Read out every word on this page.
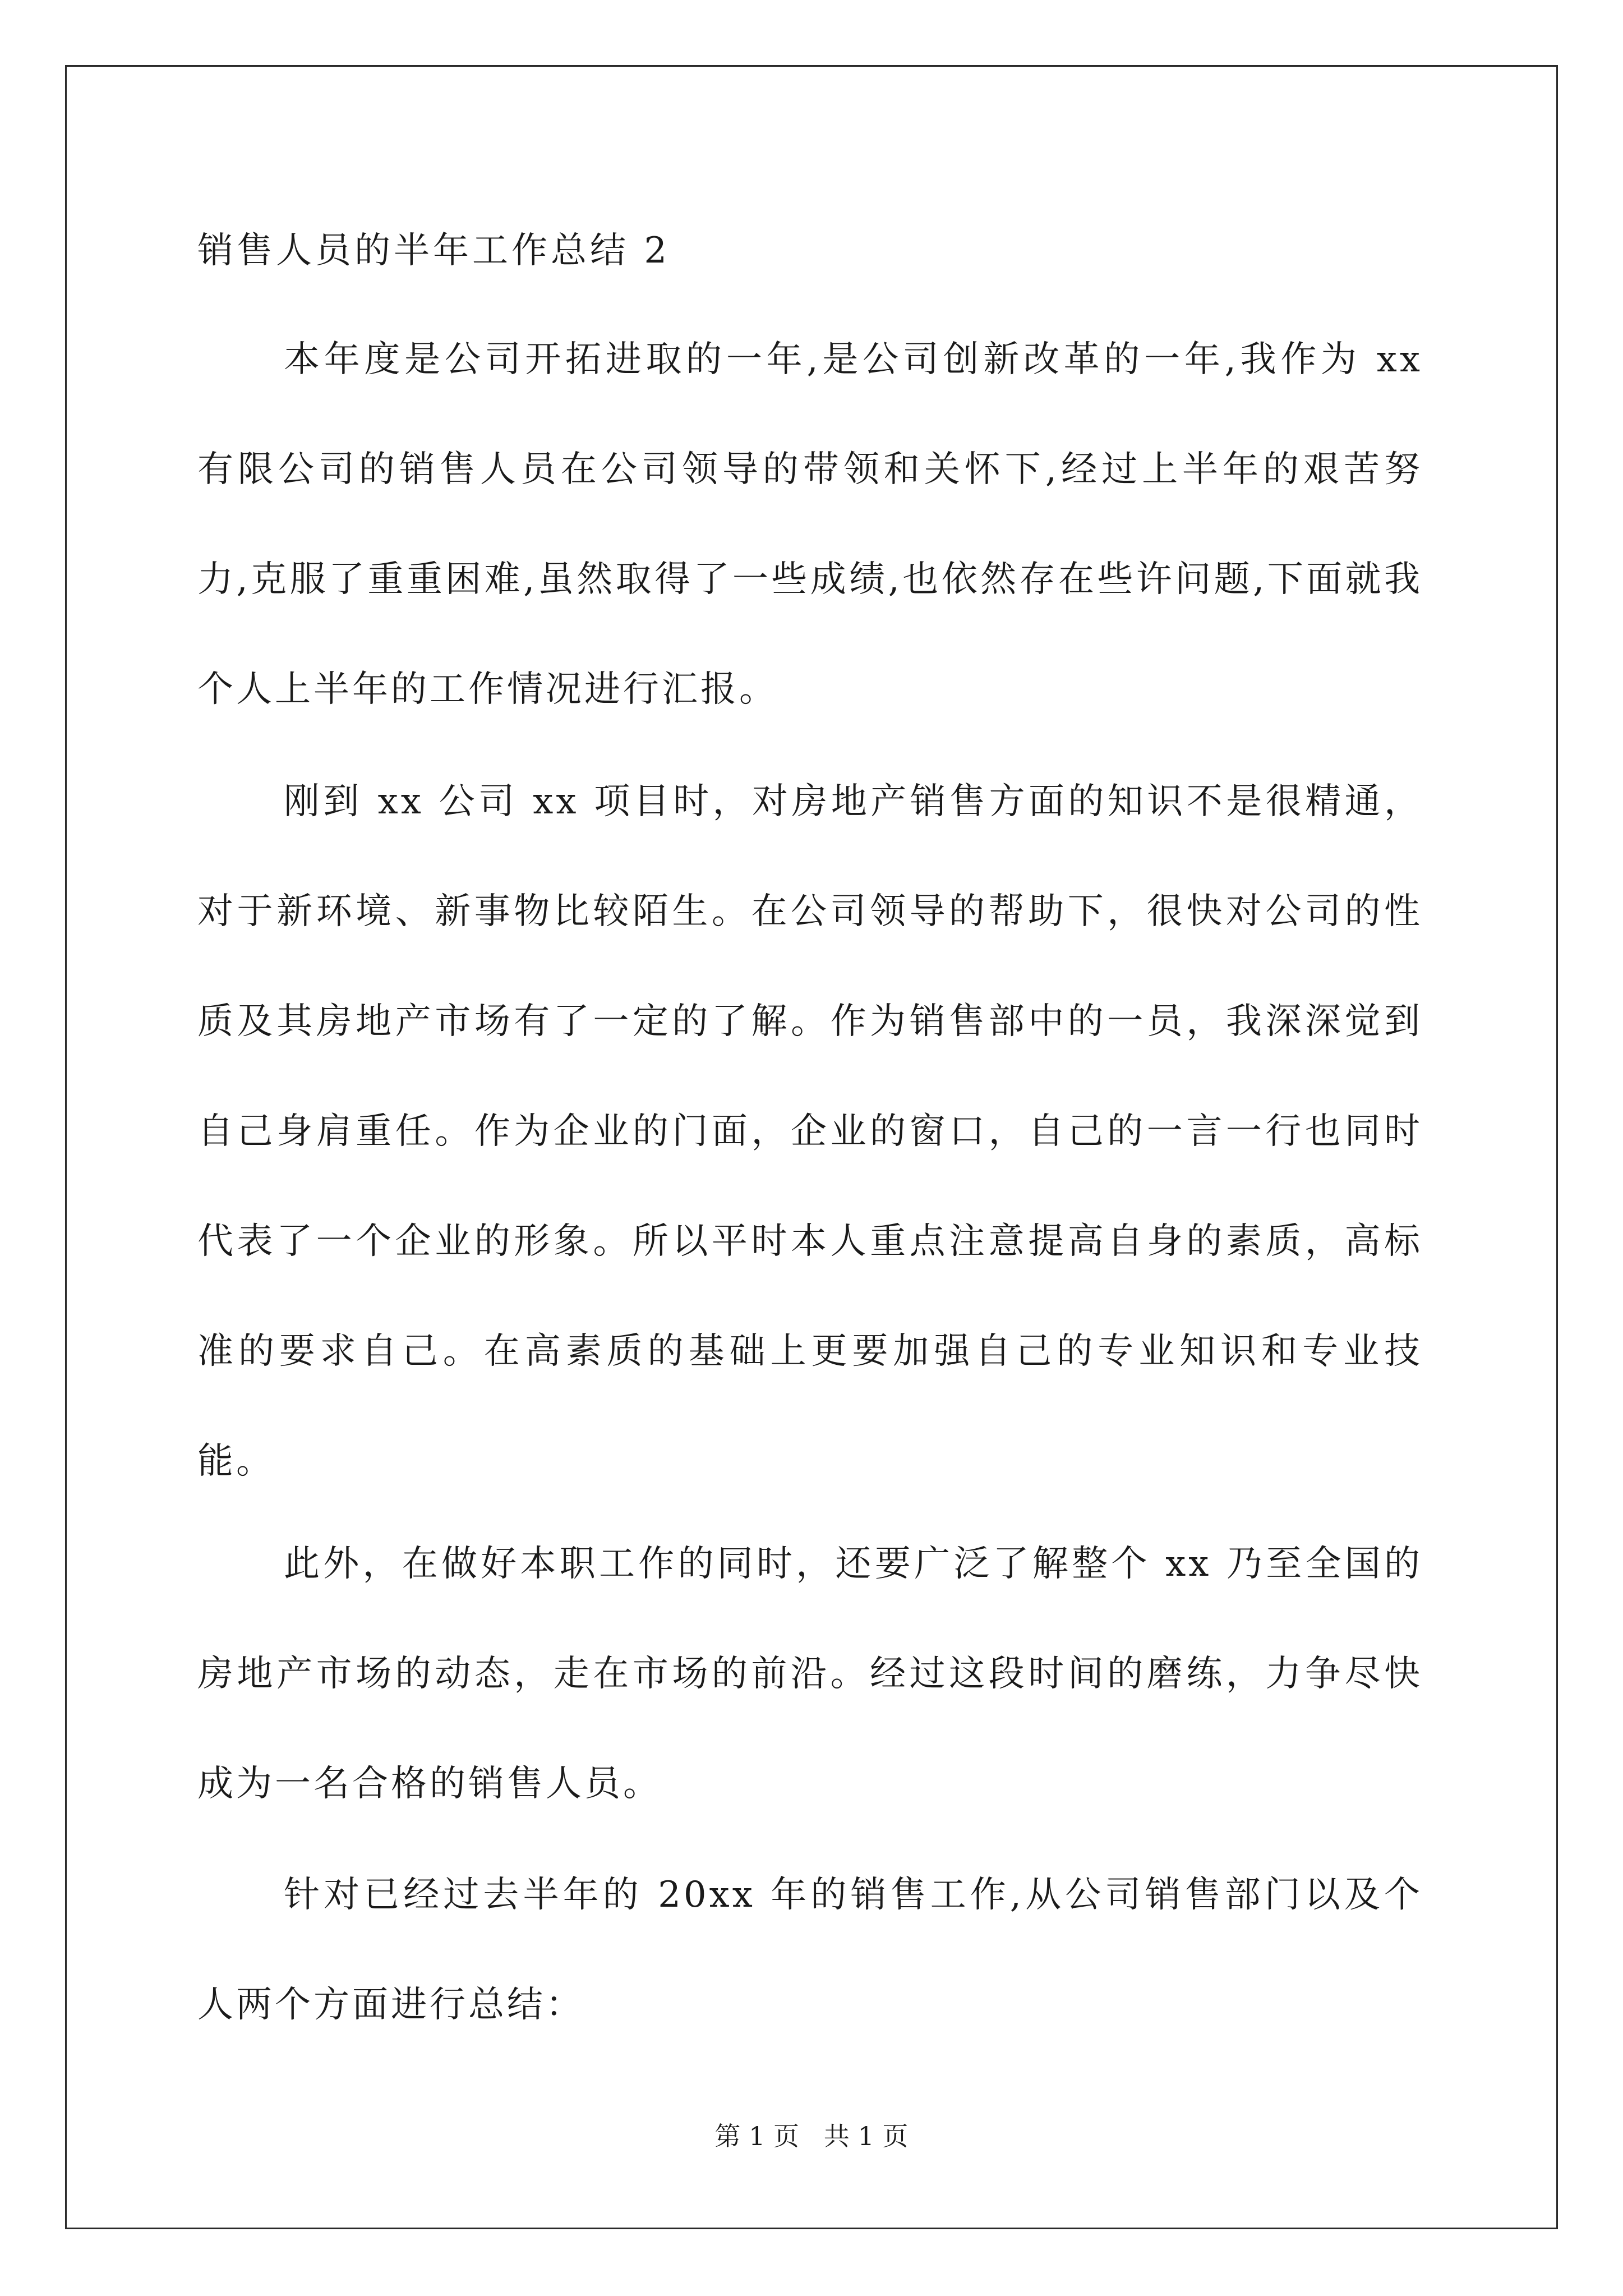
销售人员的半年工作总结 2

本年度是公司开拓进取的一年,是公司创新改革的一年,我作为 xx 有限公司的销售人员在公司领导的带领和关怀下,经过上半年的艰苦努力,克服了重重困难,虽然取得了一些成绩,也依然存在些许问题,下面就我个人上半年的工作情况进行汇报。

刚到 xx 公司 xx 项目时，对房地产销售方面的知识不是很精通，对于新环境、新事物比较陌生。在公司领导的帮助下，很快对公司的性质及其房地产市场有了一定的了解。作为销售部中的一员，我深深觉到自己身肩重任。作为企业的门面，企业的窗口，自己的一言一行也同时代表了一个企业的形象。所以平时本人重点注意提高自身的素质，高标准的要求自己。在高素质的基础上更要加强自己的专业知识和专业技能。

此外，在做好本职工作的同时，还要广泛了解整个 xx 乃至全国的房地产市场的动态，走在市场的前沿。经过这段时间的磨练，力争尽快成为一名合格的销售人员。

针对已经过去半年的 20xx 年的销售工作,从公司销售部门以及个人两个方面进行总结：

第 1 页   共 1 页
